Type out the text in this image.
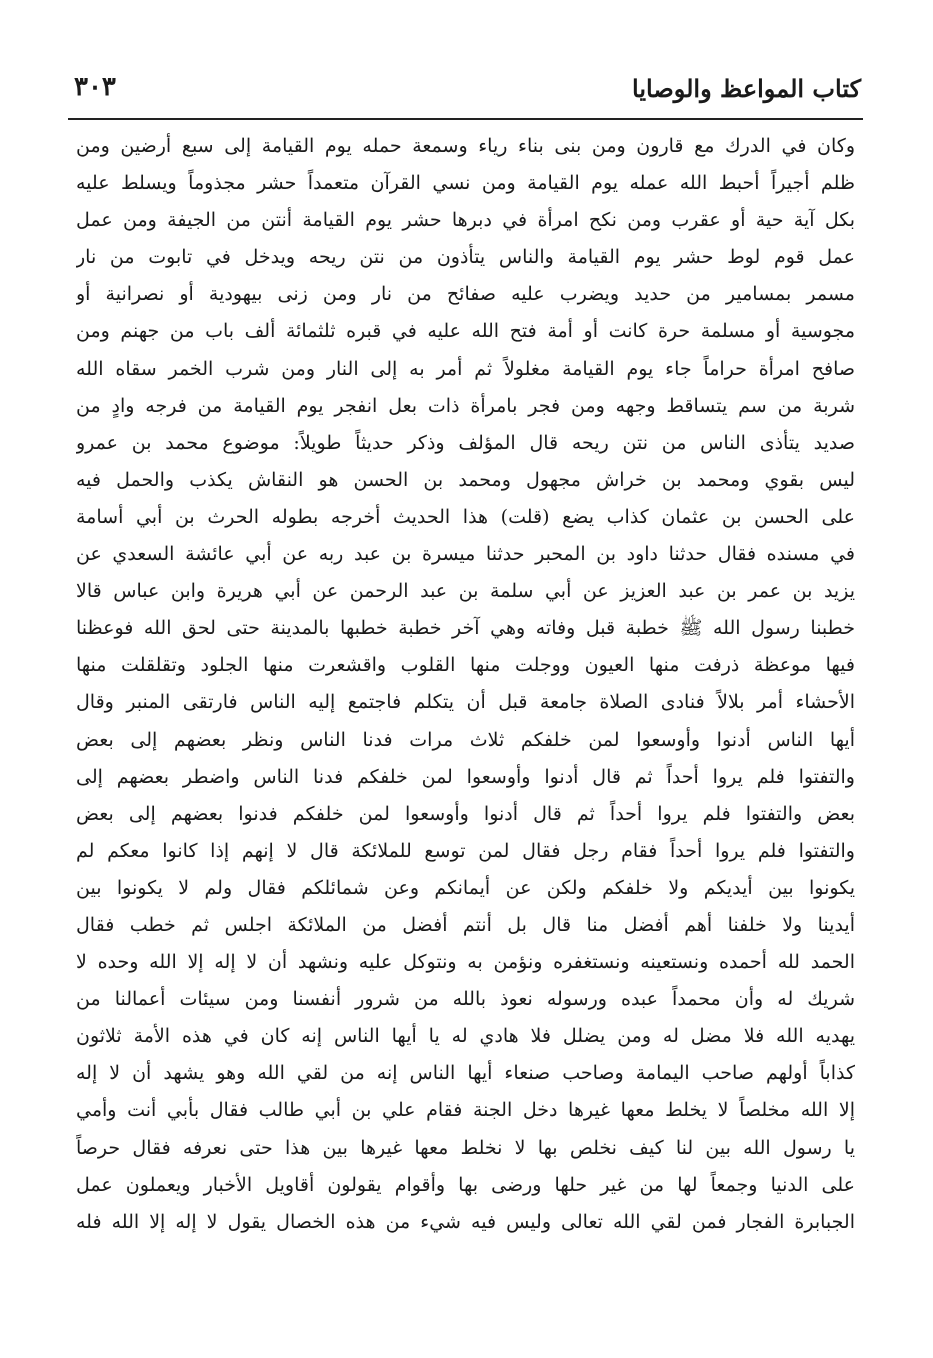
كتاب المواعظ والوصايا
٣٠٣
وكان في الدرك مع قارون ومن بنى بناء رياء وسمعة حمله يوم القيامة إلى سبع أرضين ومن
ظلم أجيراً أحبط الله عمله يوم القيامة ومن نسي القرآن متعمداً حشر مجذوماً ويسلط عليه
بكل آية حية أو عقرب ومن نكح امرأة في دبرها حشر يوم القيامة أنتن من الجيفة ومن عمل
عمل قوم لوط حشر يوم القيامة والناس يتأذون من نتن ريحه ويدخل في تابوت من نار
مسمر بمسامير من حديد ويضرب عليه صفائح من نار ومن زنى بيهودية أو نصرانية أو
مجوسية أو مسلمة حرة كانت أو أمة فتح الله عليه في قبره ثلثمائة ألف باب من جهنم ومن
صافح امرأة حراماً جاء يوم القيامة مغلولاً ثم أمر به إلى النار ومن شرب الخمر سقاه الله
شربة من سم يتساقط وجهه ومن فجر بامرأة ذات بعل انفجر يوم القيامة من فرجه وادٍ من
صديد يتأذى الناس من نتن ريحه قال المؤلف وذكر حديثاً طويلاً: موضوع محمد بن عمرو
ليس بقوي ومحمد بن خراش مجهول ومحمد بن الحسن هو النقاش يكذب والحمل فيه
على الحسن بن عثمان كذاب يضع (قلت) هذا الحديث أخرجه بطوله الحرث بن أبي أسامة
في مسنده فقال حدثنا داود بن المحبر حدثنا ميسرة بن عبد ربه عن أبي عائشة السعدي عن
يزيد بن عمر بن عبد العزيز عن أبي سلمة بن عبد الرحمن عن أبي هريرة وابن عباس قالا
خطبنا رسول الله ﷺ خطبة قبل وفاته وهي آخر خطبة خطبها بالمدينة حتى لحق الله فوعظنا
فيها موعظة ذرفت منها العيون ووجلت منها القلوب واقشعرت منها الجلود وتقلقلت منها
الأحشاء أمر بلالاً فنادى الصلاة جامعة قبل أن يتكلم فاجتمع إليه الناس فارتقى المنبر وقال
أيها الناس أدنوا وأوسعوا لمن خلفكم ثلاث مرات فدنا الناس ونظر بعضهم إلى بعض
والتفتوا فلم يروا أحداً ثم قال أدنوا وأوسعوا لمن خلفكم فدنا الناس واضطر بعضهم إلى
بعض والتفتوا فلم يروا أحداً ثم قال أدنوا وأوسعوا لمن خلفكم فدنوا بعضهم إلى بعض
والتفتوا فلم يروا أحداً فقام رجل فقال لمن توسع للملائكة قال لا إنهم إذا كانوا معكم لم
يكونوا بين أيديكم ولا خلفكم ولكن عن أيمانكم وعن شمائلكم فقال ولم لا يكونوا بين
أيدينا ولا خلفنا أهم أفضل منا قال بل أنتم أفضل من الملائكة اجلس ثم خطب فقال
الحمد لله أحمده ونستعينه ونستغفره ونؤمن به ونتوكل عليه ونشهد أن لا إله إلا الله وحده لا
شريك له وأن محمداً عبده ورسوله نعوذ بالله من شرور أنفسنا ومن سيئات أعمالنا من
يهديه الله فلا مضل له ومن يضلل فلا هادي له يا أيها الناس إنه كان في هذه الأمة ثلاثون
كذاباً أولهم صاحب اليمامة وصاحب صنعاء أيها الناس إنه من لقي الله وهو يشهد أن لا إله
إلا الله مخلصاً لا يخلط معها غيرها دخل الجنة فقام علي بن أبي طالب فقال بأبي أنت وأمي
يا رسول الله بين لنا كيف نخلص بها لا نخلط معها غيرها بين هذا حتى نعرفه فقال حرصاً
على الدنيا وجمعاً لها من غير حلها ورضى بها وأقوام يقولون أقاويل الأخبار ويعملون عمل
الجبابرة الفجار فمن لقي الله تعالى وليس فيه شيء من هذه الخصال يقول لا إله إلا الله فله
